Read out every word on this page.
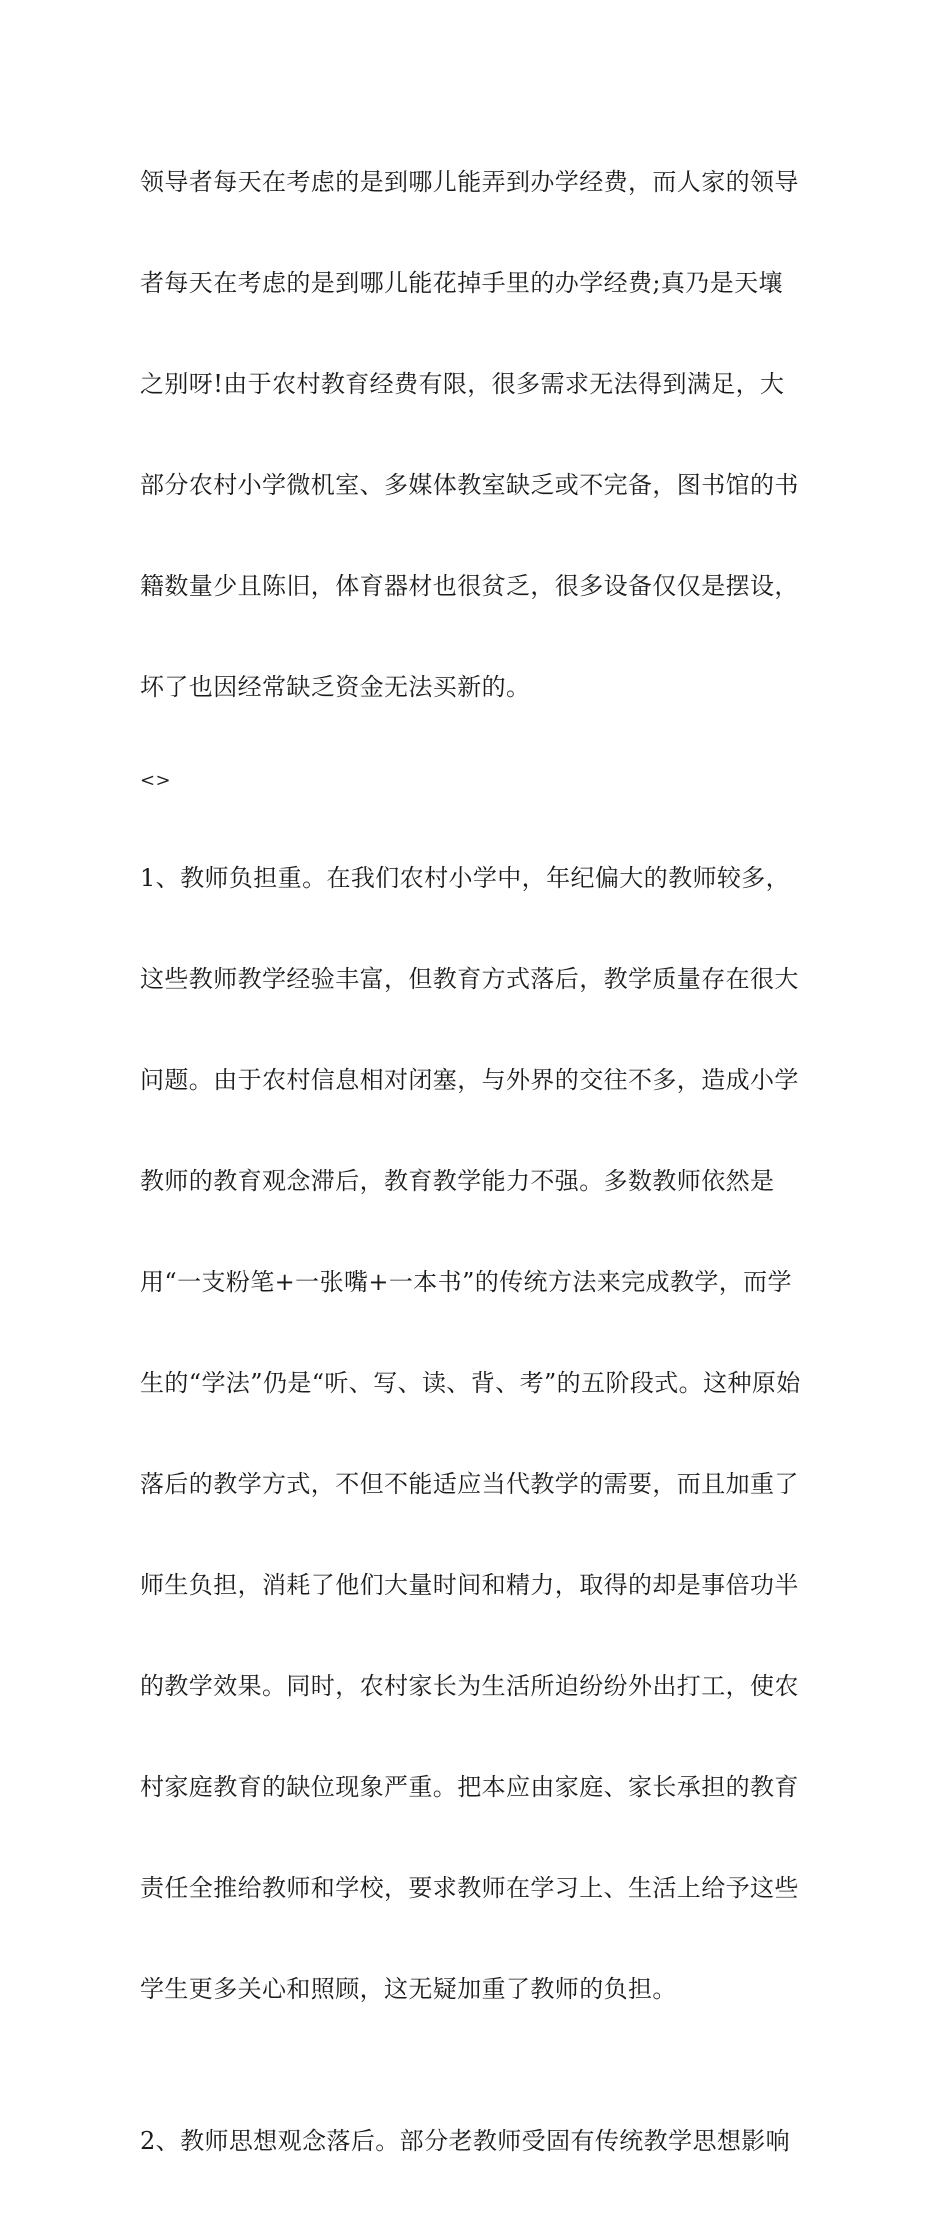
领导者每天在考虑的是到哪儿能弄到办学经费，而人家的领导

者每天在考虑的是到哪儿能花掉手里的办学经费;真乃是天壤

之别呀!由于农村教育经费有限，很多需求无法得到满足，大

部分农村小学微机室、多媒体教室缺乏或不完备，图书馆的书

籍数量少且陈旧，体育器材也很贫乏，很多设备仅仅是摆设，

坏了也因经常缺乏资金无法买新的。

<>

1、教师负担重。在我们农村小学中，年纪偏大的教师较多，

这些教师教学经验丰富，但教育方式落后，教学质量存在很大

问题。由于农村信息相对闭塞，与外界的交往不多，造成小学

教师的教育观念滞后，教育教学能力不强。多数教师依然是

用“一支粉笔+一张嘴+一本书”的传统方法来完成教学，而学

生的“学法”仍是“听、写、读、背、考”的五阶段式。这种原始

落后的教学方式，不但不能适应当代教学的需要，而且加重了

师生负担，消耗了他们大量时间和精力，取得的却是事倍功半

的教学效果。同时，农村家长为生活所迫纷纷外出打工，使农

村家庭教育的缺位现象严重。把本应由家庭、家长承担的教育

责任全推给教师和学校，要求教师在学习上、生活上给予这些

学生更多关心和照顾，这无疑加重了教师的负担。

2、教师思想观念落后。部分老教师受固有传统教学思想影响
